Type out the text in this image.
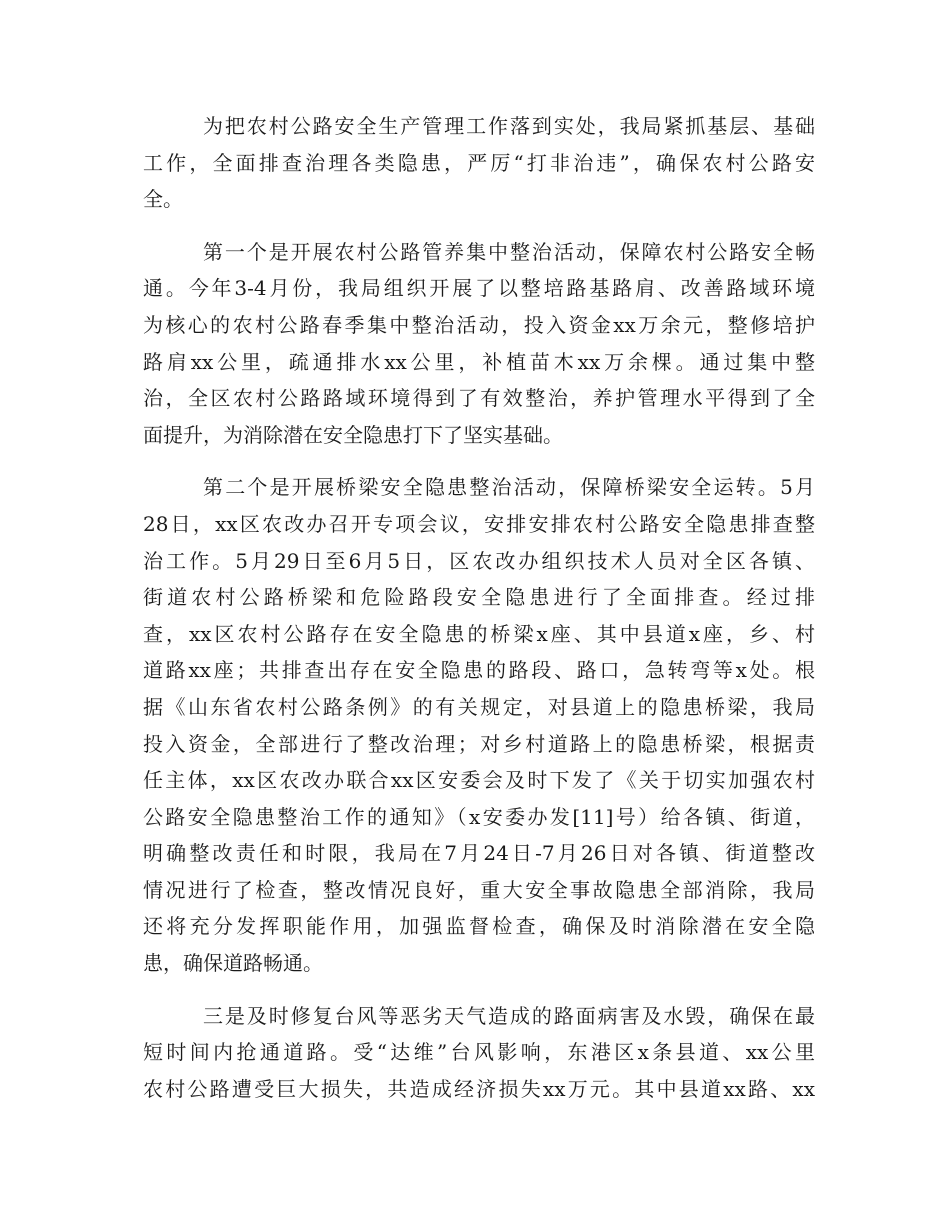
为把农村公路安全生产管理工作落到实处，我局紧抓基层、基础
工作，全面排查治理各类隐患，严厉“打非治违”，确保农村公路安
全。
第一个是开展农村公路管养集中整治活动，保障农村公路安全畅
通。今年3-4月份，我局组织开展了以整培路基路肩、改善路域环境
为核心的农村公路春季集中整治活动，投入资金xx万余元，整修培护
路肩xx公里，疏通排水xx公里，补植苗木xx万余棵。通过集中整
治，全区农村公路路域环境得到了有效整治，养护管理水平得到了全
面提升，为消除潜在安全隐患打下了坚实基础。
第二个是开展桥梁安全隐患整治活动，保障桥梁安全运转。5月
28日，xx区农改办召开专项会议，安排安排农村公路安全隐患排查整
治工作。5月29日至6月5日，区农改办组织技术人员对全区各镇、
街道农村公路桥梁和危险路段安全隐患进行了全面排查。经过排
查，xx区农村公路存在安全隐患的桥梁x座、其中县道x座，乡、村
道路xx座；共排查出存在安全隐患的路段、路口，急转弯等x处。根
据《山东省农村公路条例》的有关规定，对县道上的隐患桥梁，我局
投入资金，全部进行了整改治理；对乡村道路上的隐患桥梁，根据责
任主体，xx区农改办联合xx区安委会及时下发了《关于切实加强农村
公路安全隐患整治工作的通知》（x安委办发[11]号）给各镇、街道，
明确整改责任和时限，我局在7月24日-7月26日对各镇、街道整改
情况进行了检查，整改情况良好，重大安全事故隐患全部消除，我局
还将充分发挥职能作用，加强监督检查，确保及时消除潜在安全隐
患，确保道路畅通。
三是及时修复台风等恶劣天气造成的路面病害及水毁，确保在最
短时间内抢通道路。受“达维”台风影响，东港区x条县道、xx公里
农村公路遭受巨大损失，共造成经济损失xx万元。其中县道xx路、xx
